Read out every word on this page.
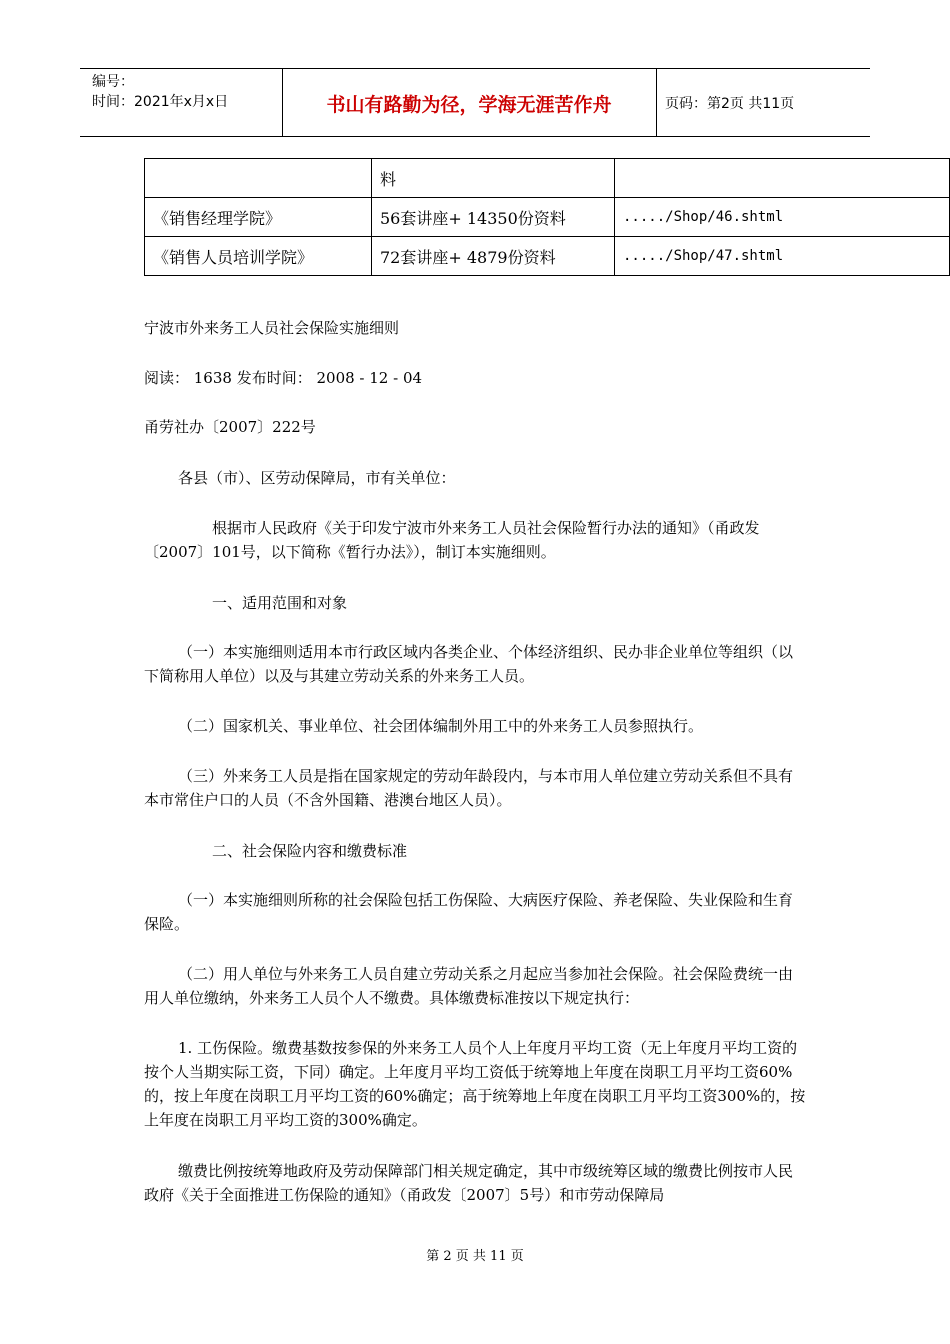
编号：
时间：2021年x月x日	书山有路勤为径，学海无涯苦作舟	页码：第2页 共11页
	料	
《销售经理学院》	56套讲座+ 14350份资料	...../Shop/46.shtml
《销售人员培训学院》	72套讲座+ 4879份资料	...../Shop/47.shtml
宁波市外来务工人员社会保险实施细则
阅读： 1638 发布时间： 2008 - 12 - 04
甬劳社办〔2007〕222号
各县（市）、区劳动保障局，市有关单位：
根据市人民政府《关于印发宁波市外来务工人员社会保险暂行办法的通知》（甬政发〔2007〕101号，以下简称《暂行办法》），制订本实施细则。
一、适用范围和对象
（一）本实施细则适用本市行政区域内各类企业、个体经济组织、民办非企业单位等组织（以下简称用人单位）以及与其建立劳动关系的外来务工人员。
（二）国家机关、事业单位、社会团体编制外用工中的外来务工人员参照执行。
（三）外来务工人员是指在国家规定的劳动年龄段内，与本市用人单位建立劳动关系但不具有本市常住户口的人员（不含外国籍、港澳台地区人员）。
二、社会保险内容和缴费标准
（一）本实施细则所称的社会保险包括工伤保险、大病医疗保险、养老保险、失业保险和生育保险。
（二）用人单位与外来务工人员自建立劳动关系之月起应当参加社会保险。社会保险费统一由用人单位缴纳，外来务工人员个人不缴费。具体缴费标准按以下规定执行：
1. 工伤保险。缴费基数按参保的外来务工人员个人上年度月平均工资（无上年度月平均工资的按个人当期实际工资，下同）确定。上年度月平均工资低于统筹地上年度在岗职工月平均工资60%的，按上年度在岗职工月平均工资的60%确定；高于统筹地上年度在岗职工月平均工资300%的，按上年度在岗职工月平均工资的300%确定。
缴费比例按统筹地政府及劳动保障部门相关规定确定，其中市级统筹区域的缴费比例按市人民政府《关于全面推进工伤保险的通知》（甬政发〔2007〕5号）和市劳动保障局
第 2 页 共 11 页
